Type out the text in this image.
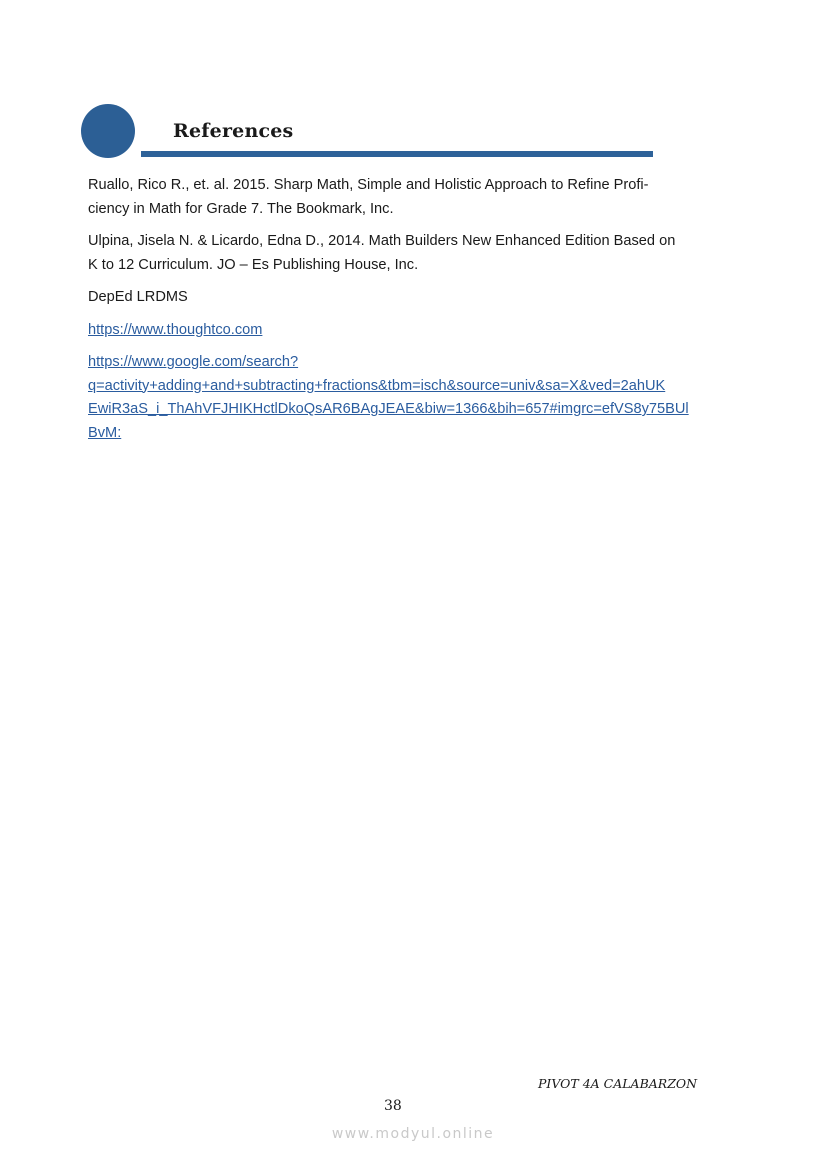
References

Ruallo, Rico R., et. al. 2015. Sharp Math, Simple and Holistic Approach to Refine Profi-
ciency in Math for Grade 7. The Bookmark, Inc.

Ulpina, Jisela N. & Licardo, Edna D., 2014. Math Builders New Enhanced Edition Based on
K to 12 Curriculum. JO – Es Publishing House, Inc.

DepEd LRDMS

https://www.thoughtco.com

https://www.google.com/search?
q=activity+adding+and+subtracting+fractions&tbm=isch&source=univ&sa=X&ved=2ahUK
EwiR3aS_i_ThAhVFJHIKHctlDkoQsAR6BAgJEAE&biw=1366&bih=657#imgrc=efVS8y75BUl
BvM:

PIVOT 4A CALABARZON
38
www.modyul.online
